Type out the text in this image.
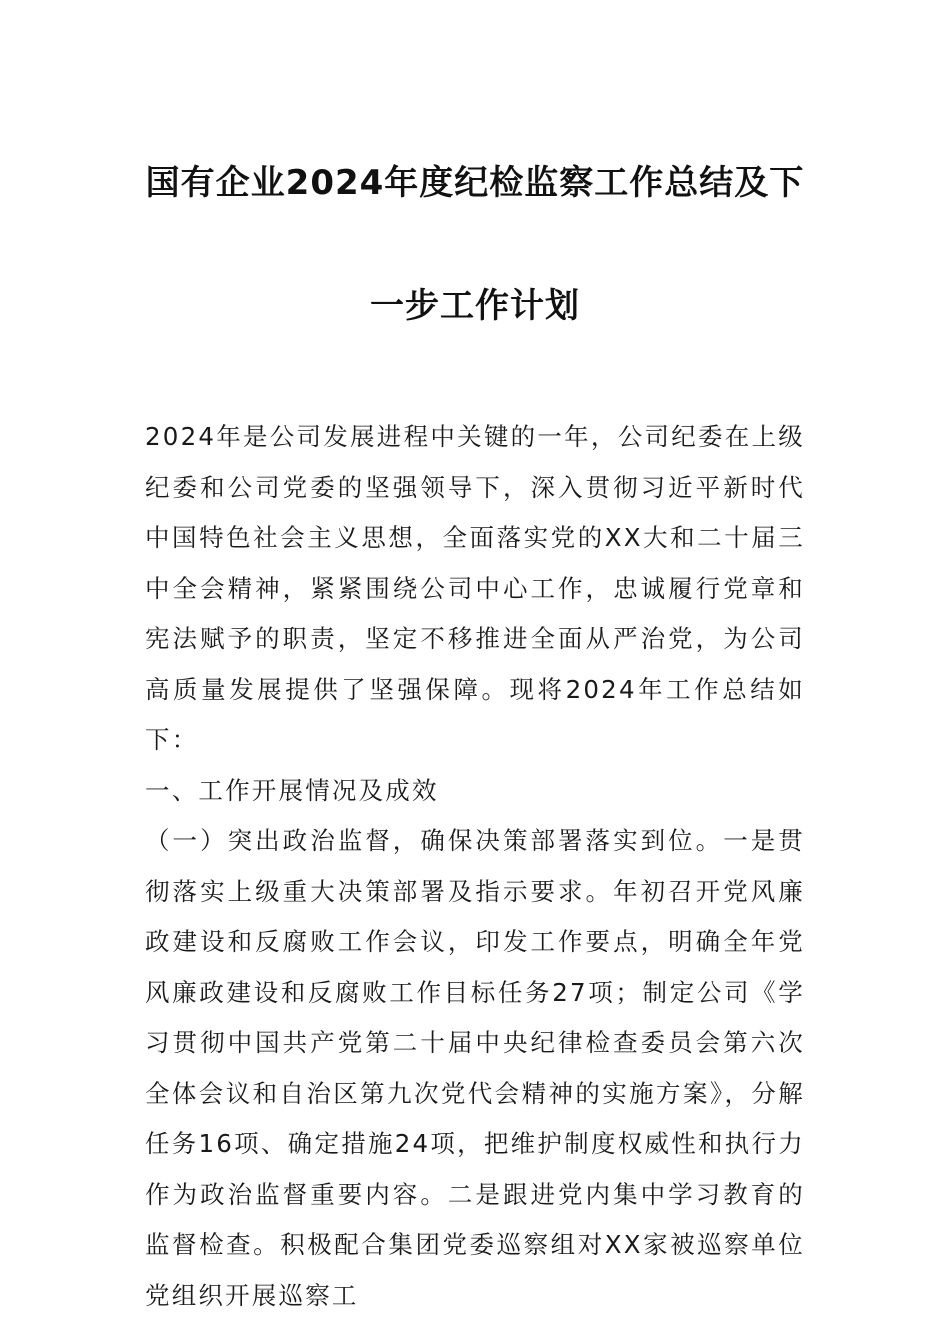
国有企业2024年度纪检监察工作总结及下
一步工作计划

2024年是公司发展进程中关键的一年，公司纪委在上级纪委和公司党委的坚强领导下，深入贯彻习近平新时代中国特色社会主义思想，全面落实党的XX大和二十届三中全会精神，紧紧围绕公司中心工作，忠诚履行党章和宪法赋予的职责，坚定不移推进全面从严治党，为公司高质量发展提供了坚强保障。现将2024年工作总结如下：

一、工作开展情况及成效

（一）突出政治监督，确保决策部署落实到位。一是贯彻落实上级重大决策部署及指示要求。年初召开党风廉政建设和反腐败工作会议，印发工作要点，明确全年党风廉政建设和反腐败工作目标任务27项；制定公司《学习贯彻中国共产党第二十届中央纪律检查委员会第六次全体会议和自治区第九次党代会精神的实施方案》，分解任务16项、确定措施24项，把维护制度权威性和执行力作为政治监督重要内容。二是跟进党内集中学习教育的监督检查。积极配合集团党委巡察组对XX家被巡察单位党组织开展巡察工
